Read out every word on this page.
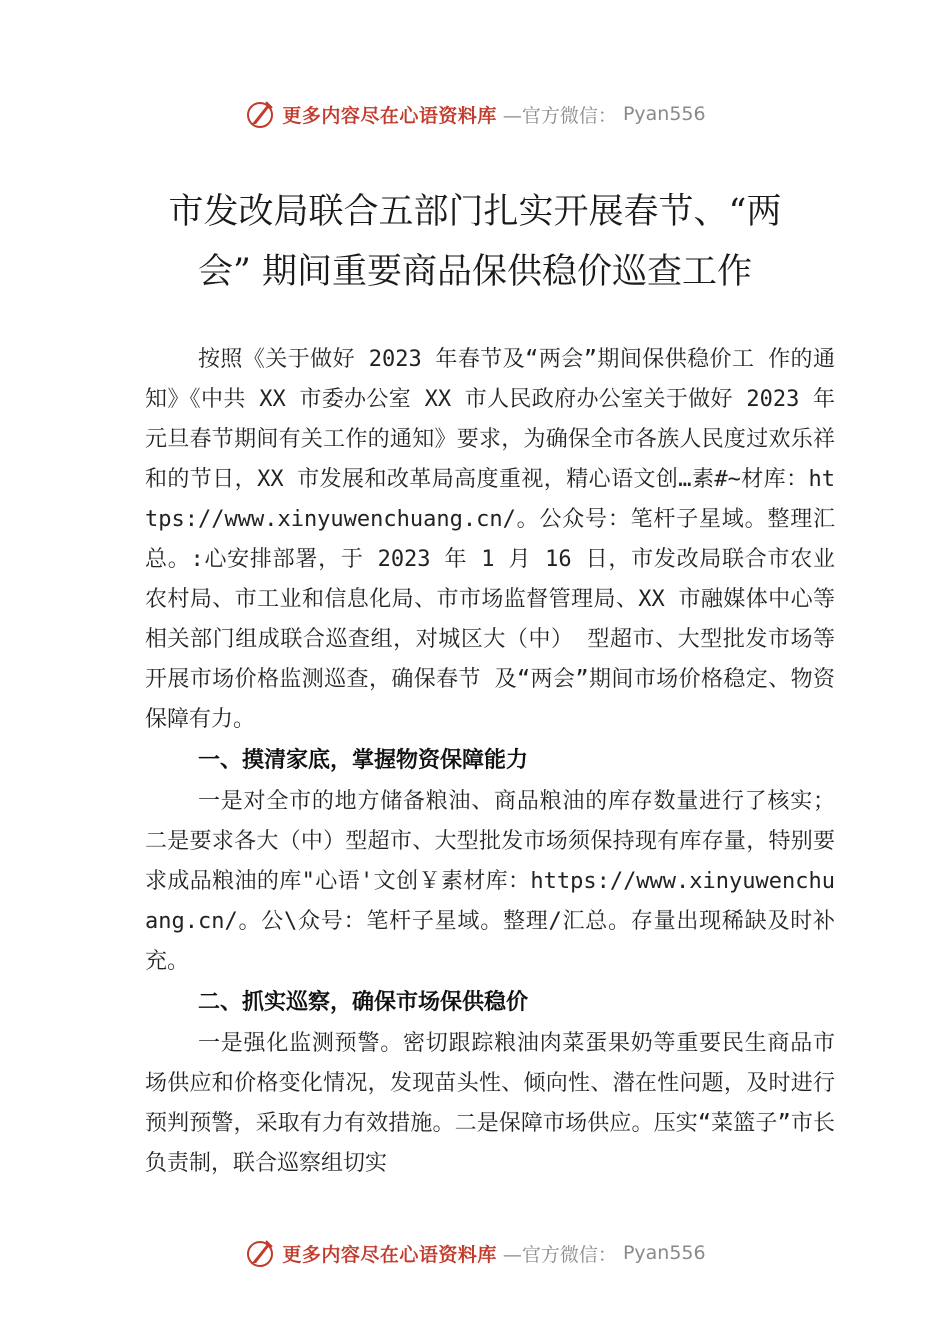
更多内容尽在心语资料库 —官方微信： Pyan556
市发改局联合五部门扎实开展春节、“两
会” 期间重要商品保供稳价巡查工作

按照《关于做好 2023 年春节及“两会”期间保供稳价工 作的通知》《中共 XX 市委办公室 XX 市人民政府办公室关于做好 2023 年元旦春节期间有关工作的通知》要求，为确保全市各族人民度过欢乐祥和的节日，XX 市发展和改革局高度重视，精心语文创…素#~材库：https://www.xinyuwenchuang.cn/。公众号：笔杆子星域。整理汇总。:心安排部署，于 2023 年 1 月 16 日，市发改局联合市农业农村局、市工业和信息化局、市市场监督管理局、XX 市融媒体中心等相关部门组成联合巡查组，对城区大（中） 型超市、大型批发市场等开展市场价格监测巡查，确保春节 及“两会”期间市场价格稳定、物资保障有力。

一、摸清家底，掌握物资保障能力

一是对全市的地方储备粮油、商品粮油的库存数量进行了核实；二是要求各大（中）型超市、大型批发市场须保持现有库存量，特别要求成品粮油的库"心语'文创￥素材库：https://www.xinyuwenchuang.cn/。公\众号：笔杆子星域。整理/汇总。存量出现稀缺及时补充。

二、抓实巡察，确保市场保供稳价

一是强化监测预警。密切跟踪粮油肉菜蛋果奶等重要民生商品市场供应和价格变化情况，发现苗头性、倾向性、潜在性问题，及时进行预判预警，采取有力有效措施。二是保障市场供应。压实“菜篮子”市长负责制，联合巡察组切实

更多内容尽在心语资料库 —官方微信： Pyan556
